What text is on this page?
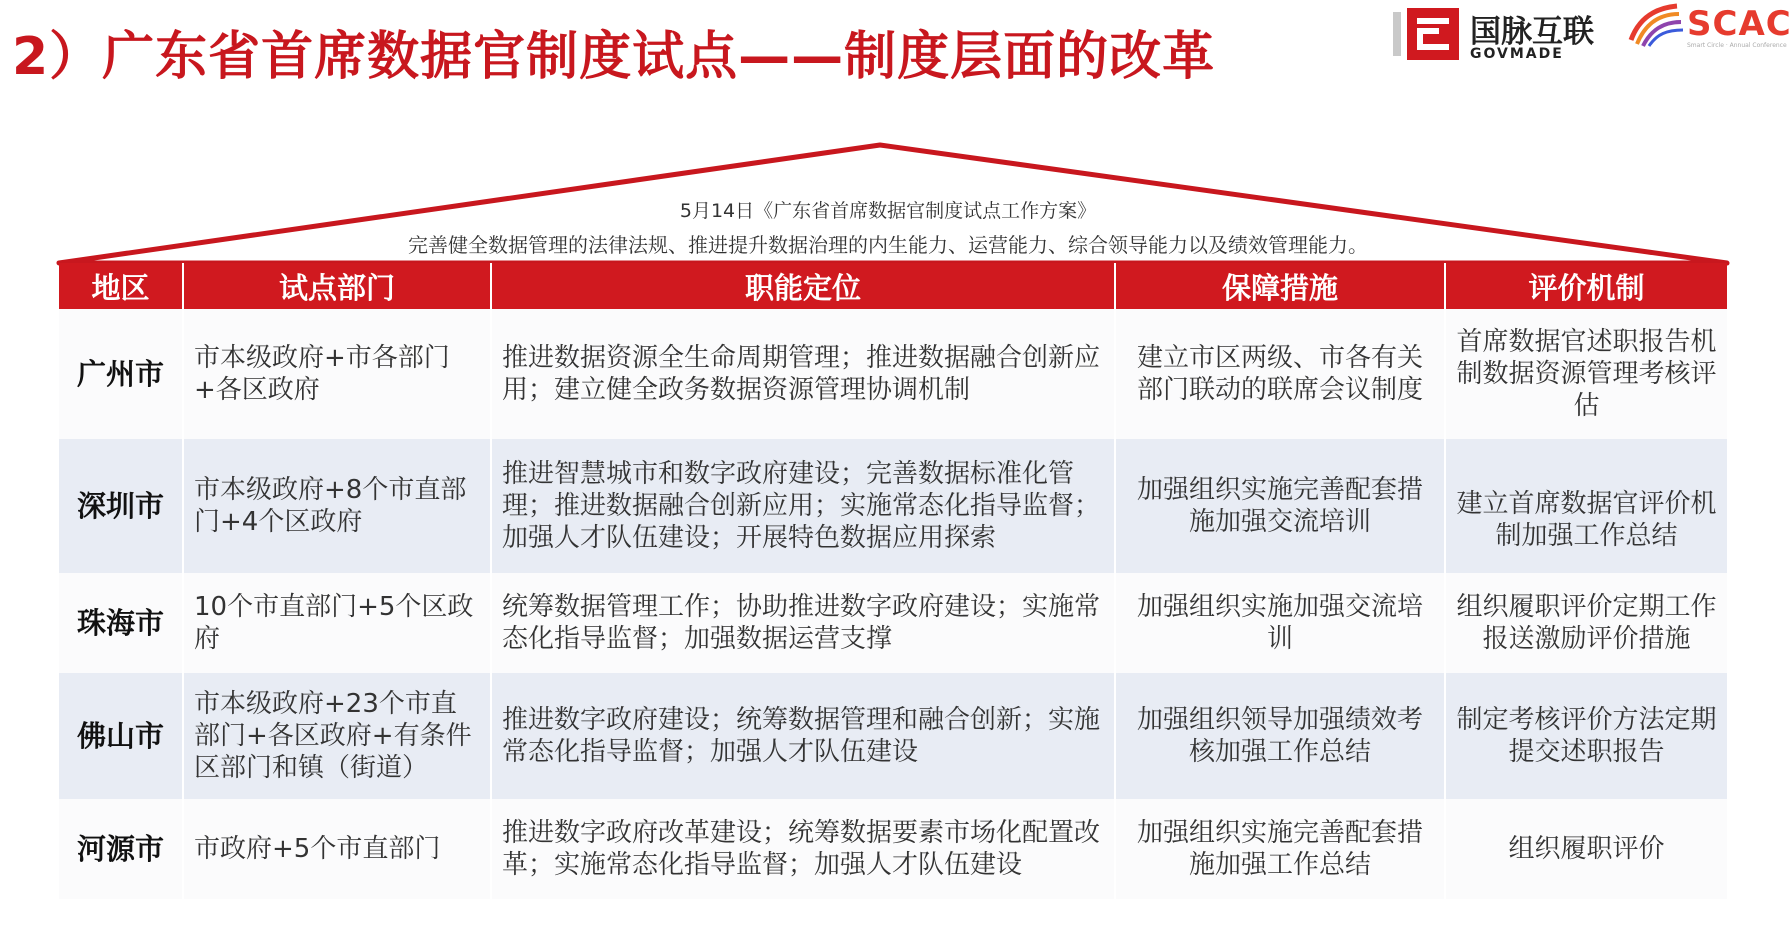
2）广东省首席数据官制度试点——制度层面的改革	国脉互联
GOVMADE
SCAC
Smart Circle · Annual Conference
5月14日《广东省首席数据官制度试点工作方案》
完善健全数据管理的法律法规、推进提升数据治理的内生能力、运营能力、综合领导能力以及绩效管理能力。
地区	试点部门	职能定位	保障措施	评价机制
广州市	市本级政府+市各部门+各区政府	推进数据资源全生命周期管理；推进数据融合创新应用；建立健全政务数据资源管理协调机制	建立市区两级、市各有关部门联动的联席会议制度	首席数据官述职报告机制数据资源管理考核评估
深圳市	市本级政府+8个市直部门+4个区政府	推进智慧城市和数字政府建设；完善数据标准化管理；推进数据融合创新应用；实施常态化指导监督；加强人才队伍建设；开展特色数据应用探索	加强组织实施完善配套措施加强交流培训	建立首席数据官评价机制加强工作总结
珠海市	10个市直部门+5个区政府	统筹数据管理工作；协助推进数字政府建设；实施常态化指导监督；加强数据运营支撑	加强组织实施加强交流培训	组织履职评价定期工作报送激励评价措施
佛山市	市本级政府+23个市直部门+各区政府+有条件区部门和镇（街道）	推进数字政府建设；统筹数据管理和融合创新；实施常态化指导监督；加强人才队伍建设	加强组织领导加强绩效考核加强工作总结	制定考核评价方法定期提交述职报告
河源市	市政府+5个市直部门	推进数字政府改革建设；统筹数据要素市场化配置改革；实施常态化指导监督；加强人才队伍建设	加强组织实施完善配套措施加强工作总结	组织履职评价
